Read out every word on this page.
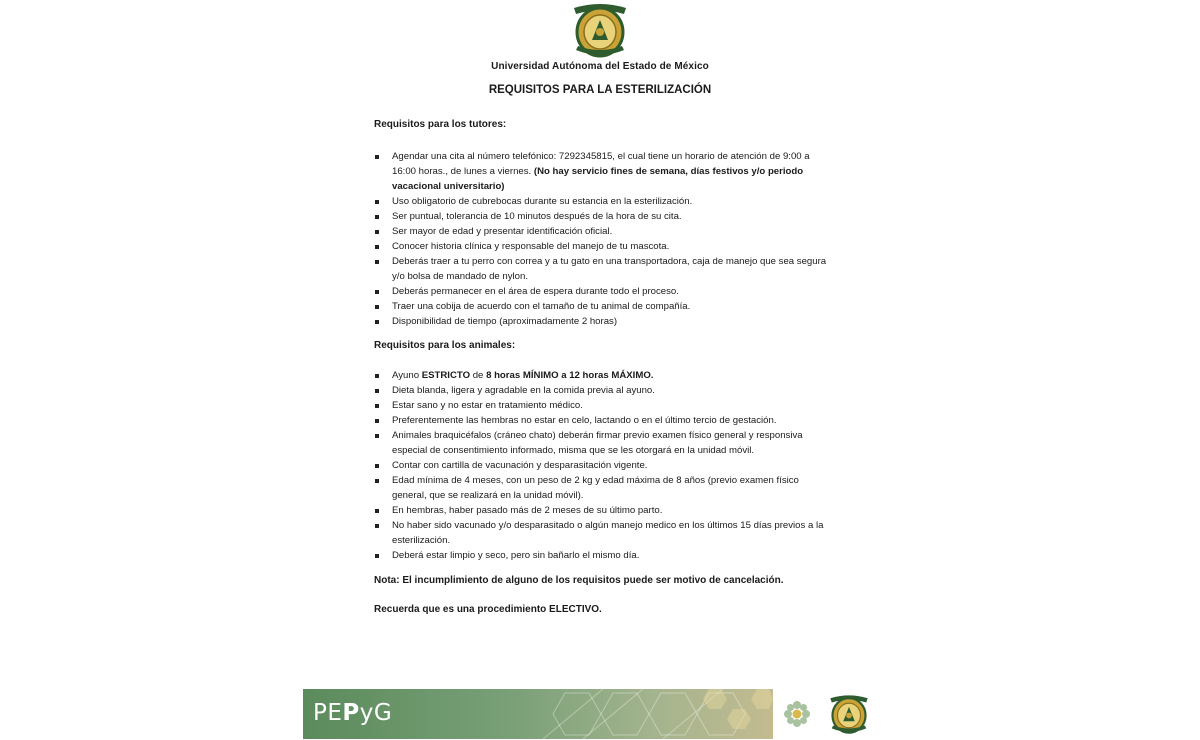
Universidad Autónoma del Estado de México
REQUISITOS PARA LA ESTERILIZACIÓN
Requisitos para los tutores:
Agendar una cita al número telefónico: 7292345815, el cual tiene un horario de atención de 9:00 a 16:00 horas., de lunes a viernes. (No hay servicio fines de semana, días festivos y/o periodo vacacional universitario)
Uso obligatorio de cubrebocas durante su estancia en la esterilización.
Ser puntual, tolerancia de 10 minutos después de la hora de su cita.
Ser mayor de edad y presentar identificación oficial.
Conocer historia clínica y responsable del manejo de tu mascota.
Deberás traer a tu perro con correa y a tu gato en una transportadora, caja de manejo que sea segura y/o bolsa de mandado de nylon.
Deberás permanecer en el área de espera durante todo el proceso.
Traer una cobija de acuerdo con el tamaño de tu animal de compañía.
Disponibilidad de tiempo (aproximadamente 2 horas)
Requisitos para los animales:
Ayuno ESTRICTO de 8 horas MÍNIMO a 12 horas MÁXIMO.
Dieta blanda, ligera y agradable en la comida previa al ayuno.
Estar sano y no estar en tratamiento médico.
Preferentemente las hembras no estar en celo, lactando o en el último tercio de gestación.
Animales braquicéfalos (cráneo chato) deberán firmar previo examen físico general y responsiva especial de consentimiento informado, misma que se les otorgará en la unidad móvil.
Contar con cartilla de vacunación y desparasitación vigente.
Edad mínima de 4 meses, con un peso de 2 kg y edad máxima de 8 años (previo examen físico general, que se realizará en la unidad móvil).
En hembras, haber pasado más de 2 meses de su último parto.
No haber sido vacunado y/o desparasitado o algún manejo medico en los últimos 15 días previos a la esterilización.
Deberá estar limpio y seco, pero sin bañarlo el mismo día.
Nota: El incumplimiento de alguno de los requisitos puede ser motivo de cancelación.
Recuerda que es una procedimiento ELECTIVO.
PEPyG
